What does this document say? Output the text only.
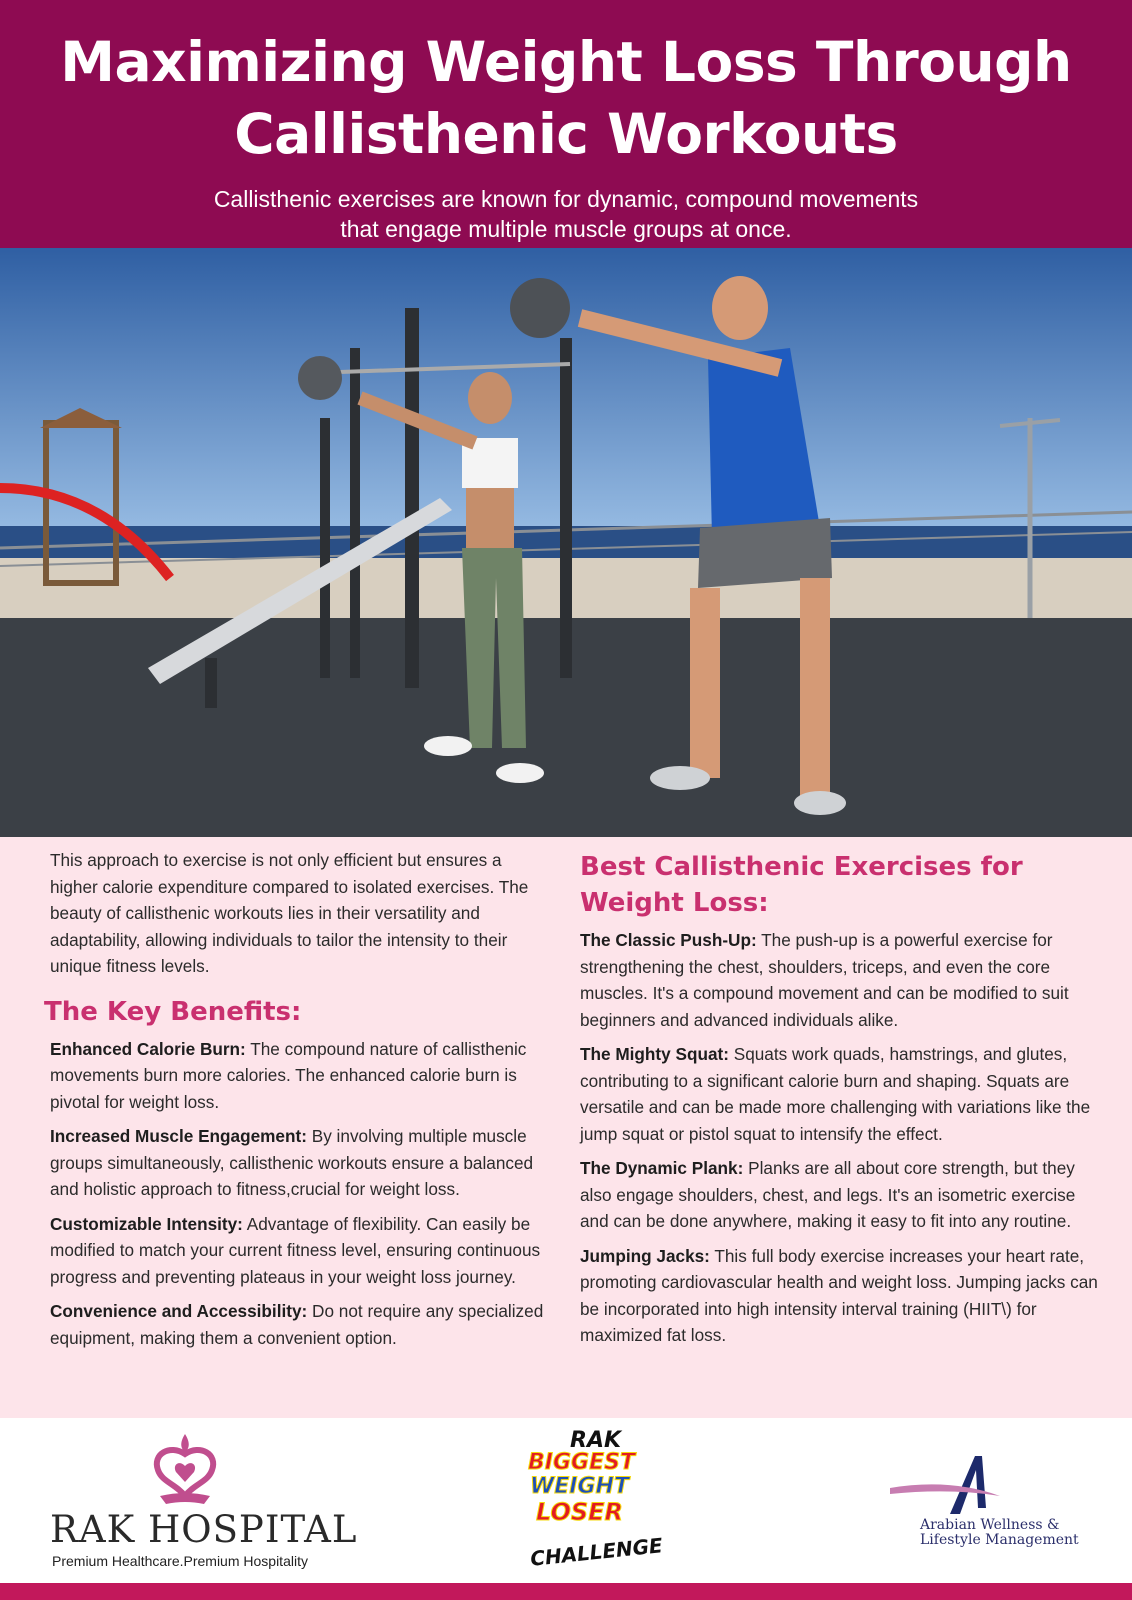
Maximizing Weight Loss Through
Callisthenic Workouts
Callisthenic exercises are known for dynamic, compound movements
that engage multiple muscle groups at once.

This approach to exercise is not only efficient but ensures a higher calorie expenditure compared to isolated exercises. The beauty of callisthenic workouts lies in their versatility and adaptability, allowing individuals to tailor the intensity to their unique fitness levels.

The Key Benefits:

Enhanced Calorie Burn: The compound nature of callisthenic movements burn more calories. The enhanced calorie burn is pivotal for weight loss.

Increased Muscle Engagement: By involving multiple muscle groups simultaneously, callisthenic workouts ensure a balanced and holistic approach to fitness,crucial for weight loss.

Customizable Intensity: Advantage of flexibility. Can easily be modified to match your current fitness level, ensuring continuous progress and preventing plateaus in your weight loss journey.

Convenience and Accessibility: Do not require any specialized equipment, making them a convenient option.

Best Callisthenic Exercises for Weight Loss:

The Classic Push-Up: The push-up is a powerful exercise for strengthening the chest, shoulders, triceps, and even the core muscles. It's a compound movement and can be modified to suit beginners and advanced individuals alike.

The Mighty Squat: Squats work quads, hamstrings, and glutes, contributing to a significant calorie burn and shaping. Squats are versatile and can be made more challenging with variations like the jump squat or pistol squat to intensify the effect.

The Dynamic Plank: Planks are all about core strength, but they also engage shoulders, chest, and legs. It's an isometric exercise and can be done anywhere, making it easy to fit into any routine.

Jumping Jacks: This full body exercise increases your heart rate, promoting cardiovascular health and weight loss. Jumping jacks can be incorporated into high intensity interval training (HIIT\) for maximized fat loss.

RAK HOSPITAL
Premium Healthcare.Premium Hospitality
RAK
BIGGEST
WEIGHT
LOSER
CHALLENGE
Arabian Wellness &
Lifestyle Management
